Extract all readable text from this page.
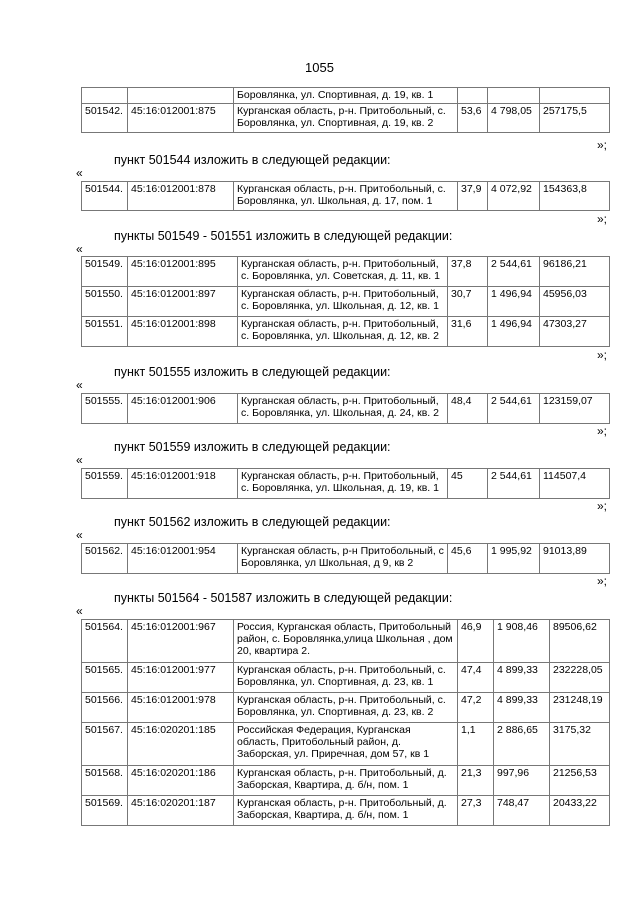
1055
		Боровлянка, ул. Спортивная, д. 19, кв. 1			
501542.	45:16:012001:875	Курганская область, р-н. Притобольный, с. Боровлянка, ул. Спортивная, д. 19, кв. 2	53,6	4 798,05	257175,5
»;
пункт 501544 изложить в следующей редакции:
«
501544.	45:16:012001:878	Курганская область, р-н. Притобольный, с. Боровлянка, ул. Школьная, д. 17, пом. 1	37,9	4 072,92	154363,8
»;
пункты 501549 - 501551 изложить в следующей редакции:
«
501549.	45:16:012001:895	Курганская область, р-н. Притобольный, с. Боровлянка, ул. Советская, д. 11, кв. 1	37,8	2 544,61	96186,21
501550.	45:16:012001:897	Курганская область, р-н. Притобольный, с. Боровлянка, ул. Школьная, д. 12, кв. 1	30,7	1 496,94	45956,03
501551.	45:16:012001:898	Курганская область, р-н. Притобольный, с. Боровлянка, ул. Школьная, д. 12, кв. 2	31,6	1 496,94	47303,27
»;
пункт 501555 изложить в следующей редакции:
«
501555.	45:16:012001:906	Курганская область, р-н. Притобольный, с. Боровлянка, ул. Школьная, д. 24, кв. 2	48,4	2 544,61	123159,07
»;
пункт 501559 изложить в следующей редакции:
«
501559.	45:16:012001:918	Курганская область, р-н. Притобольный, с. Боровлянка, ул. Школьная, д. 19, кв. 1	45	2 544,61	114507,4
»;
пункт 501562 изложить в следующей редакции:
«
501562.	45:16:012001:954	Курганская область, р-н Притобольный, с Боровлянка, ул Школьная, д 9, кв 2	45,6	1 995,92	91013,89
»;
пункты 501564 - 501587 изложить в следующей редакции:
«
501564.	45:16:012001:967	Россия, Курганская область, Притобольный район, с. Боровлянка,улица Школьная , дом 20, квартира 2.	46,9	1 908,46	89506,62
501565.	45:16:012001:977	Курганская область, р-н. Притобольный, с. Боровлянка, ул. Спортивная, д. 23, кв. 1	47,4	4 899,33	232228,05
501566.	45:16:012001:978	Курганская область, р-н. Притобольный, с. Боровлянка, ул. Спортивная, д. 23, кв. 2	47,2	4 899,33	231248,19
501567.	45:16:020201:185	Российская Федерация, Курганская область, Притобольный район, д. Заборская, ул. Приречная, дом 57, кв 1	1,1	2 886,65	3175,32
501568.	45:16:020201:186	Курганская область, р-н. Притобольный, д. Заборская, Квартира, д. б/н, пом. 1	21,3	997,96	21256,53
501569.	45:16:020201:187	Курганская область, р-н. Притобольный, д. Заборская, Квартира, д. б/н, пом. 1	27,3	748,47	20433,22
